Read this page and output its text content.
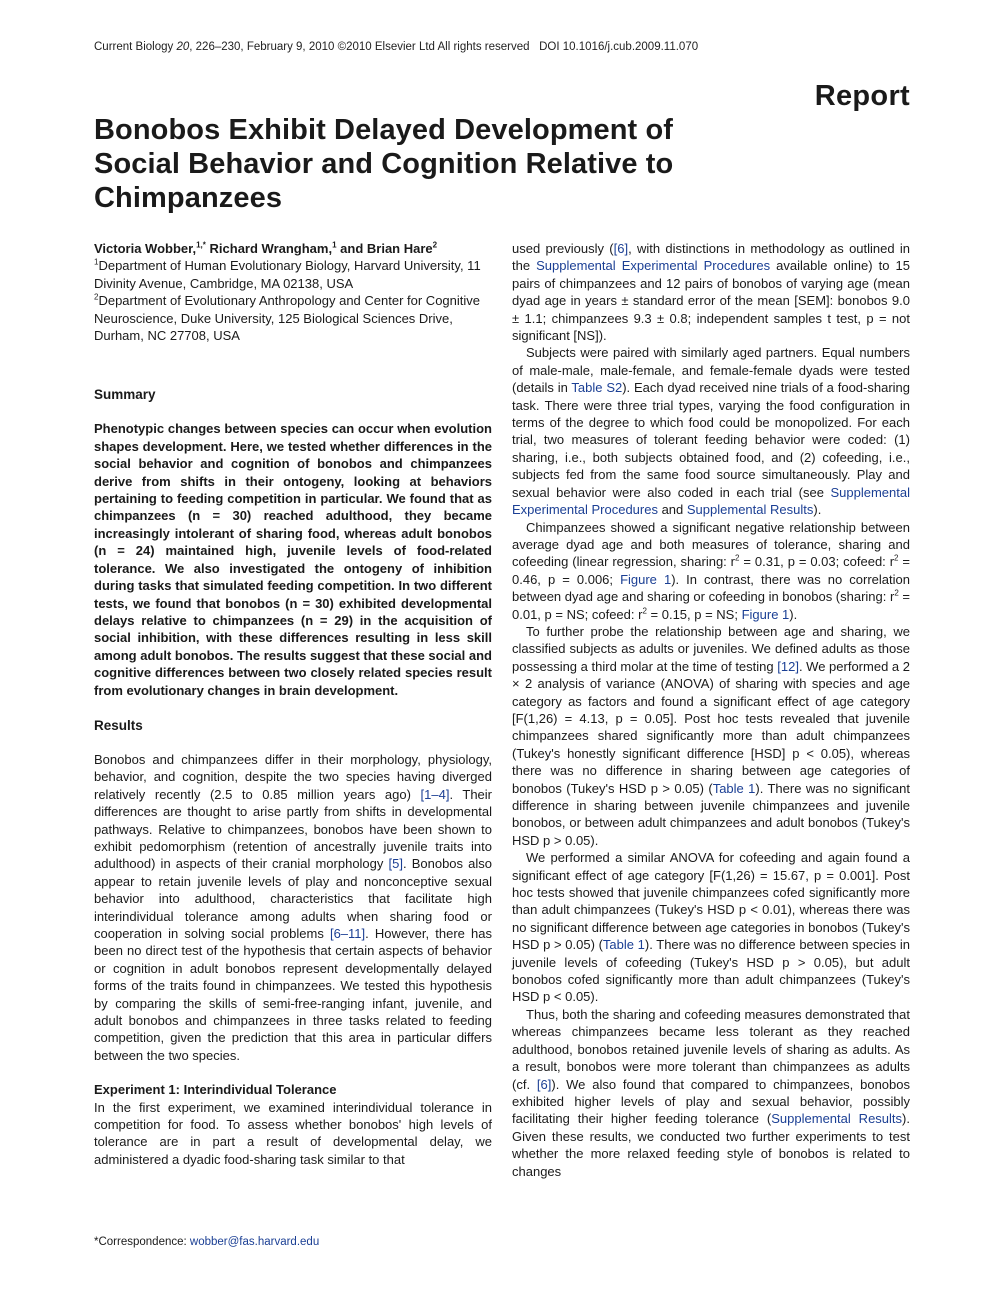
Current Biology 20, 226–230, February 9, 2010 ©2010 Elsevier Ltd All rights reserved DOI 10.1016/j.cub.2009.11.070
Report
Bonobos Exhibit Delayed Development of Social Behavior and Cognition Relative to Chimpanzees

Victoria Wobber,$^{1,*}$ Richard Wrangham,$^1$ and Brian Hare$^2$

$^1$Department of Human Evolutionary Biology, Harvard University, 11 Divinity Avenue, Cambridge, MA 02138, USA

$^2$Department of Evolutionary Anthropology and Center for Cognitive Neuroscience, Duke University, 125 Biological Sciences Drive, Durham, NC 27708, USA

Summary

Phenotypic changes between species can occur when evolution shapes development. Here, we tested whether differences in the social behavior and cognition of bonobos and chimpanzees derive from shifts in their ontogeny, looking at behaviors pertaining to feeding competition in particular. We found that as chimpanzees (n = 30) reached adulthood, they became increasingly intolerant of sharing food, whereas adult bonobos (n = 24) maintained high, juvenile levels of food-related tolerance. We also investigated the ontogeny of inhibition during tasks that simulated feeding competition. In two different tests, we found that bonobos (n = 30) exhibited developmental delays relative to chimpanzees (n = 29) in the acquisition of social inhibition, with these differences resulting in less skill among adult bonobos. The results suggest that these social and cognitive differences between two closely related species result from evolutionary changes in brain development.

Results

Bonobos and chimpanzees differ in their morphology, physiology, behavior, and cognition, despite the two species having diverged relatively recently (2.5 to 0.85 million years ago) [1–4]. Their differences are thought to arise partly from shifts in developmental pathways. Relative to chimpanzees, bonobos have been shown to exhibit pedomorphism (retention of ancestrally juvenile traits into adulthood) in aspects of their cranial morphology [5]. Bonobos also appear to retain juvenile levels of play and nonconceptive sexual behavior into adulthood, characteristics that facilitate high interindividual tolerance among adults when sharing food or cooperation in solving social problems [6–11]. However, there has been no direct test of the hypothesis that certain aspects of behavior or cognition in adult bonobos represent developmentally delayed forms of the traits found in chimpanzees. We tested this hypothesis by comparing the skills of semi-free-ranging infant, juvenile, and adult bonobos and chimpanzees in three tasks related to feeding competition, given the prediction that this area in particular differs between the two species.

Experiment 1: Interindividual Tolerance

In the first experiment, we examined interindividual tolerance in competition for food. To assess whether bonobos' high levels of tolerance are in part a result of developmental delay, we administered a dyadic food-sharing task similar to that

*Correspondence: wobber@fas.harvard.edu

used previously ([6], with distinctions in methodology as outlined in the Supplemental Experimental Procedures available online) to 15 pairs of chimpanzees and 12 pairs of bonobos of varying age (mean dyad age in years ± standard error of the mean [SEM]: bonobos 9.0 ± 1.1; chimpanzees 9.3 ± 0.8; independent samples t test, p = not significant [NS]).

Subjects were paired with similarly aged partners. Equal numbers of male-male, male-female, and female-female dyads were tested (details in Table S2). Each dyad received nine trials of a food-sharing task. There were three trial types, varying the food configuration in terms of the degree to which food could be monopolized. For each trial, two measures of tolerant feeding behavior were coded: (1) sharing, i.e., both subjects obtained food, and (2) cofeeding, i.e., subjects fed from the same food source simultaneously. Play and sexual behavior were also coded in each trial (see Supplemental Experimental Procedures and Supplemental Results).

Chimpanzees showed a significant negative relationship between average dyad age and both measures of tolerance, sharing and cofeeding (linear regression, sharing: $r^2 = 0.31$, p = 0.03; cofeed: $r^2 = 0.46$, p = 0.006; Figure 1). In contrast, there was no correlation between dyad age and sharing or cofeeding in bonobos (sharing: $r^2 = 0.01$, p = NS; cofeed: $r^2 = 0.15$, p = NS; Figure 1).

To further probe the relationship between age and sharing, we classified subjects as adults or juveniles. We defined adults as those possessing a third molar at the time of testing [12]. We performed a 2 × 2 analysis of variance (ANOVA) of sharing with species and age category as factors and found a significant effect of age category [F(1,26) = 4.13, p = 0.05]. Post hoc tests revealed that juvenile chimpanzees shared significantly more than adult chimpanzees (Tukey's honestly significant difference [HSD] p < 0.05), whereas there was no difference in sharing between age categories of bonobos (Tukey's HSD p > 0.05) (Table 1). There was no significant difference in sharing between juvenile chimpanzees and juvenile bonobos, or between adult chimpanzees and adult bonobos (Tukey's HSD p > 0.05).

We performed a similar ANOVA for cofeeding and again found a significant effect of age category [F(1,26) = 15.67, p = 0.001]. Post hoc tests showed that juvenile chimpanzees cofed significantly more than adult chimpanzees (Tukey's HSD p < 0.01), whereas there was no significant difference between age categories in bonobos (Tukey's HSD p > 0.05) (Table 1). There was no difference between species in juvenile levels of cofeeding (Tukey's HSD p > 0.05), but adult bonobos cofed significantly more than adult chimpanzees (Tukey's HSD p < 0.05).

Thus, both the sharing and cofeeding measures demonstrated that whereas chimpanzees became less tolerant as they reached adulthood, bonobos retained juvenile levels of sharing as adults. As a result, bonobos were more tolerant than chimpanzees as adults (cf. [6]). We also found that compared to chimpanzees, bonobos exhibited higher levels of play and sexual behavior, possibly facilitating their higher feeding tolerance (Supplemental Results). Given these results, we conducted two further experiments to test whether the more relaxed feeding style of bonobos is related to changes
